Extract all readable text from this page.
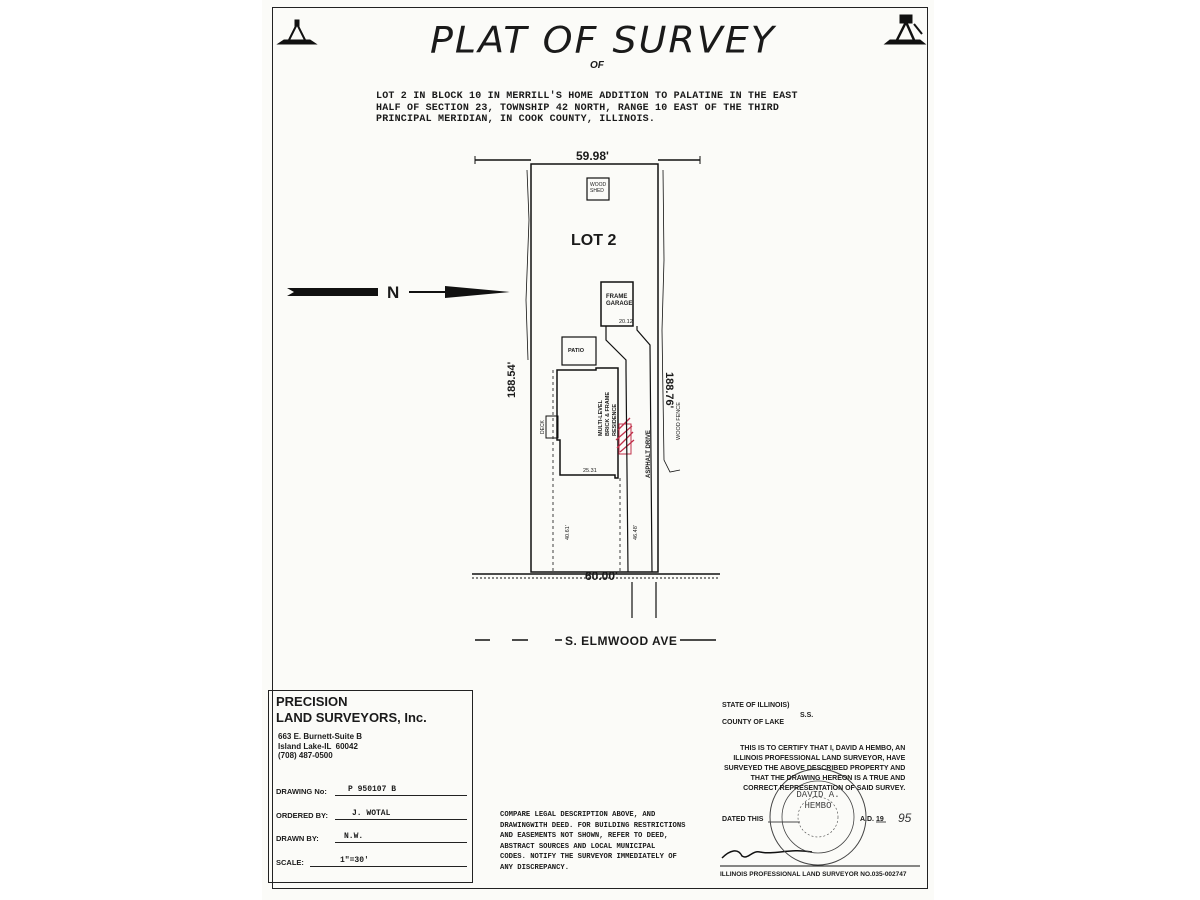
PLAT OF SURVEY
OF
LOT 2 IN BLOCK 10 IN MERRILL'S HOME ADDITION TO PALATINE IN THE EAST
HALF OF SECTION 23, TOWNSHIP 42 NORTH, RANGE 10 EAST OF THE THIRD
PRINCIPAL MERIDIAN, IN COOK COUNTY, ILLINOIS.
LOT 2
N
59.98'
60.00'
188.54'	188.76'
FRAME GARAGE
WOOD SHED
PATIO
MULTI-LEVEL BRICK & FRAME RESIDENCE
ASPHALT DRIVE
WOOD FENCE
DECK
S. ELMWOOD AVE
25.31
20.12
40.61'	46.48'
PRECISION
LAND SURVEYORS, Inc.
663 E. Burnett-Suite B
Island Lake-IL  60042
(708) 487-0500
DRAWING No:	P 950107 B
ORDERED BY:	J. WOTAL
DRAWN BY:	N.W.
SCALE:	1"=30'
COMPARE LEGAL DESCRIPTION ABOVE, AND
DRAWINGWITH DEED. FOR BUILDING RESTRICTIONS
AND EASEMENTS NOT SHOWN, REFER TO DEED,
ABSTRACT SOURCES AND LOCAL MUNICIPAL
CODES. NOTIFY THE SURVEYOR IMMEDIATELY OF
ANY DISCREPANCY.
STATE OF ILLINOIS)
S.S.
COUNTY OF LAKE
THIS IS TO CERTIFY THAT I, DAVID A HEMBO, AN
ILLINOIS PROFESSIONAL LAND SURVEYOR, HAVE
SURVEYED THE ABOVE DESCRIBED PROPERTY AND
THAT THE DRAWING HEREON IS A TRUE AND
CORRECT REPRESENTATION OF SAID SURVEY.
DATED THIS	A.D. 19 95
ILLINOIS PROFESSIONAL LAND SURVEYOR NO.035-002747
DAVID A. HEMBO
